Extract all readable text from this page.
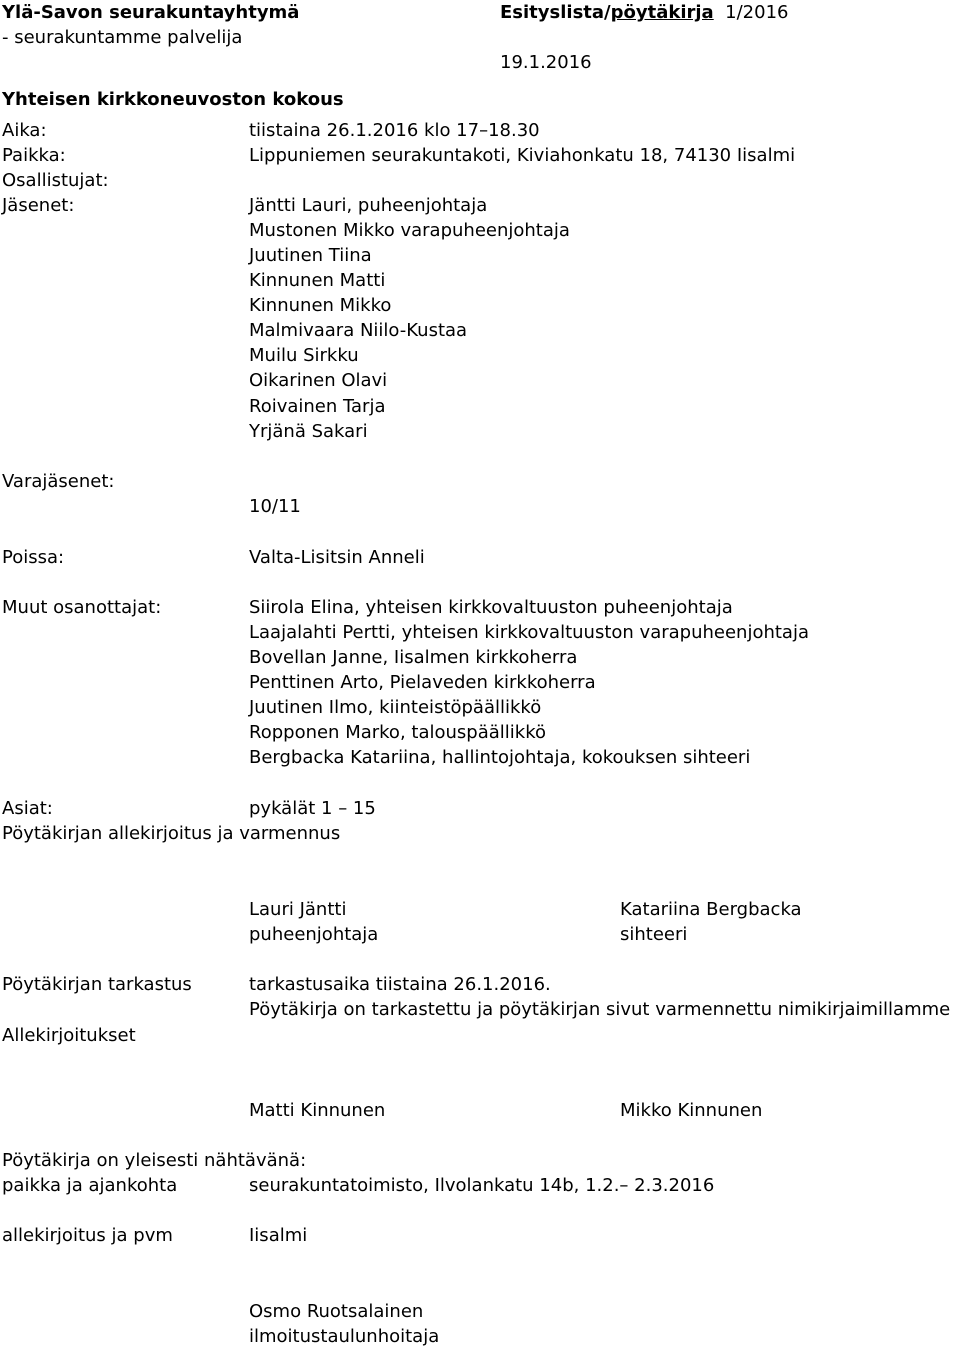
Ylä-Savon seurakuntayhtymä	Esityslista/pöytäkirja 1/2016
- seurakuntamme palvelija
19.1.2016
Yhteisen kirkkoneuvoston kokous
Aika:	tiistaina 26.1.2016 klo 17–18.30
Paikka:	Lippuniemen seurakuntakoti, Kiviahonkatu 18, 74130 Iisalmi
Osallistujat:
Jäsenet:	Jäntti Lauri, puheenjohtaja
Mustonen Mikko varapuheenjohtaja
Juutinen Tiina
Kinnunen Matti
Kinnunen Mikko
Malmivaara Niilo-Kustaa
Muilu Sirkku
Oikarinen Olavi
Roivainen Tarja
Yrjänä Sakari
Varajäsenet:
10/11
Poissa:	Valta-Lisitsin Anneli
Muut osanottajat:	Siirola Elina, yhteisen kirkkovaltuuston puheenjohtaja
Laajalahti Pertti, yhteisen kirkkovaltuuston varapuheenjohtaja
Bovellan Janne, Iisalmen kirkkoherra
Penttinen Arto, Pielaveden kirkkoherra
Juutinen Ilmo, kiinteistöpäällikkö
Ropponen Marko, talouspäällikkö
Bergbacka Katariina, hallintojohtaja, kokouksen sihteeri
Asiat:	pykälät 1 – 15
Pöytäkirjan allekirjoitus ja varmennus
Lauri Jäntti
puheenjohtaja
Katariina Bergbacka
sihteeri
Pöytäkirjan tarkastus	tarkastusaika tiistaina 26.1.2016.
Pöytäkirja on tarkastettu ja pöytäkirjan sivut varmennettu nimikirjaimillamme
Allekirjoitukset
Matti Kinnunen	Mikko Kinnunen
Pöytäkirja on yleisesti nähtävänä:
paikka ja ajankohta	seurakuntatoimisto, Ilvolankatu 14b, 1.2.– 2.3.2016
allekirjoitus ja pvm	Iisalmi
Osmo Ruotsalainen
ilmoitustaulunhoitaja
